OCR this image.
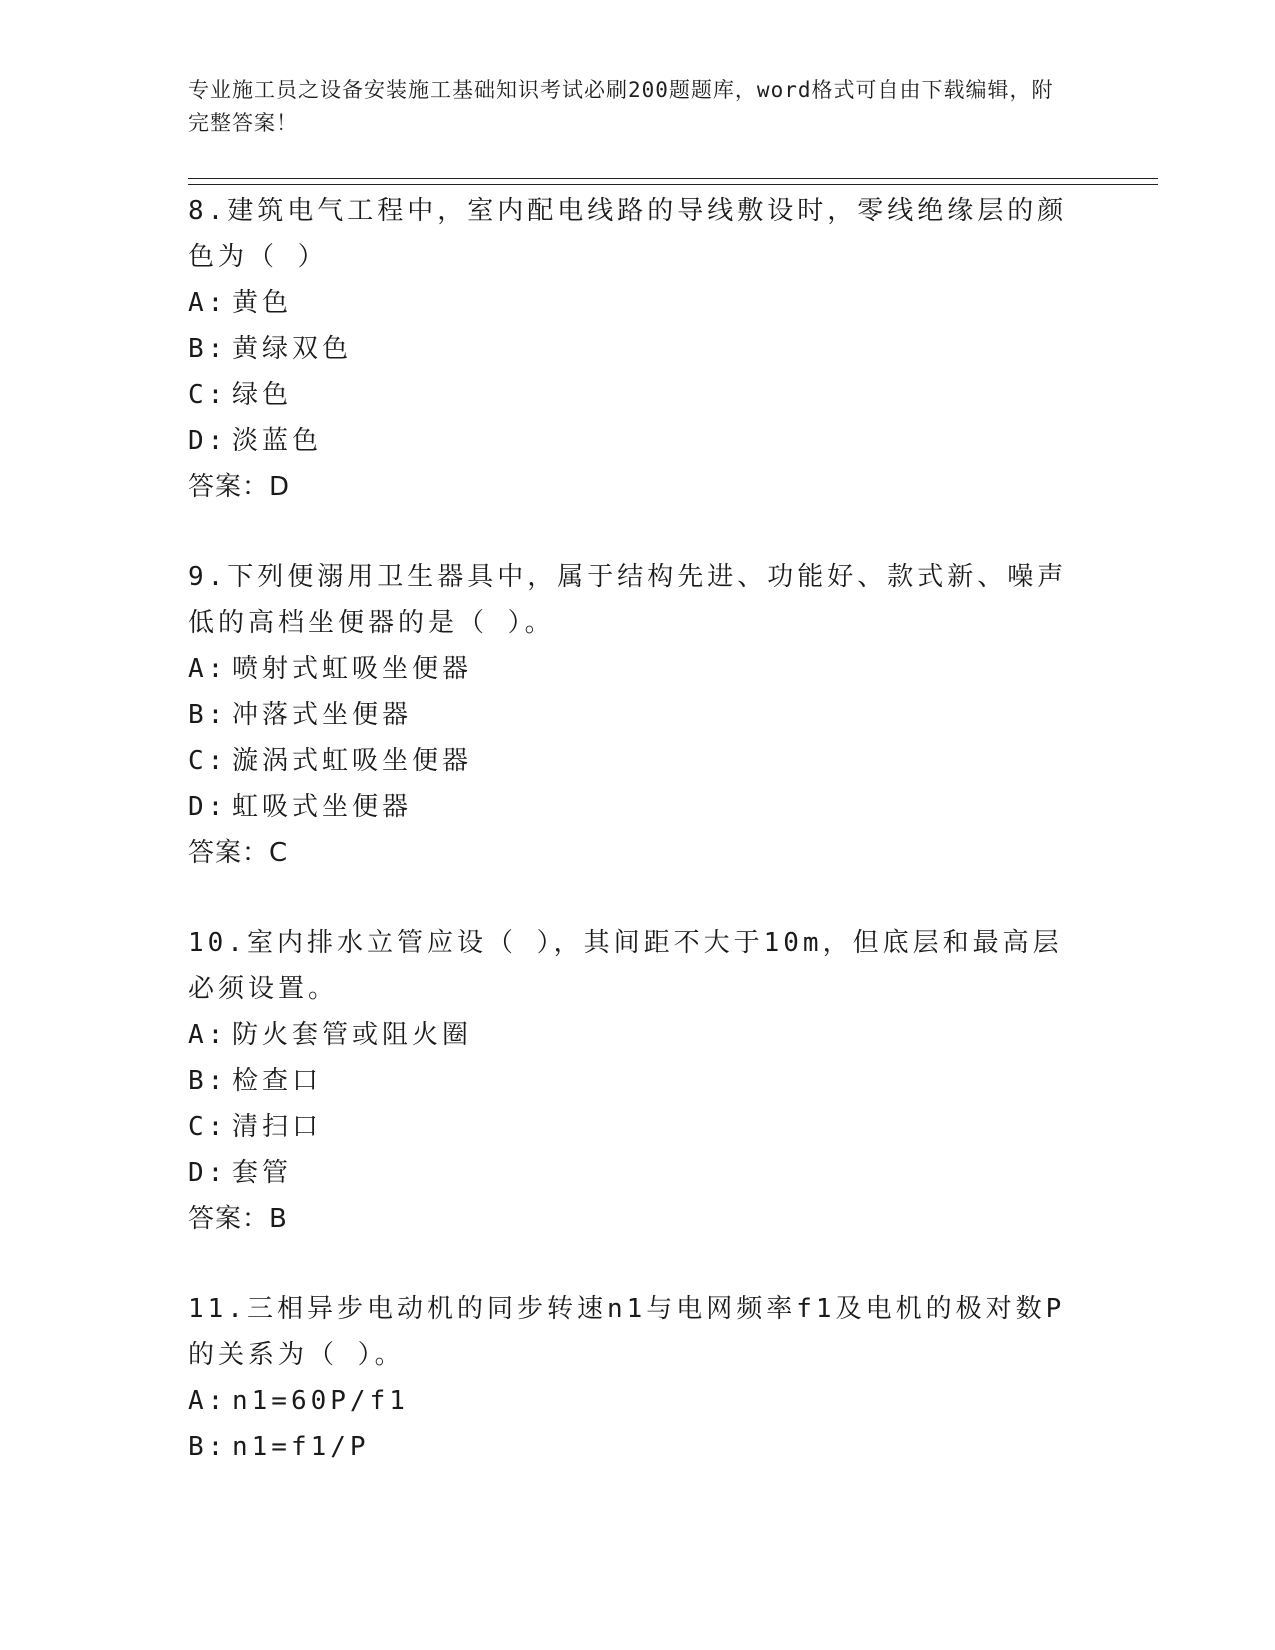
专业施工员之设备安装施工基础知识考试必刷200题题库，word格式可自由下载编辑，附完整答案！

8.建筑电气工程中，室内配电线路的导线敷设时，零线绝缘层的颜色为（ ）

A: 黄色

B: 黄绿双色

C: 绿色

D: 淡蓝色

答案：D

9.下列便溺用卫生器具中，属于结构先进、功能好、款式新、噪声低的高档坐便器的是（ ）。

A: 喷射式虹吸坐便器

B: 冲落式坐便器

C: 漩涡式虹吸坐便器

D: 虹吸式坐便器

答案：C

10.室内排水立管应设（ ），其间距不大于10m，但底层和最高层必须设置。

A: 防火套管或阻火圈

B: 检查口

C: 清扫口

D: 套管

答案：B

11.三相异步电动机的同步转速n1与电网频率f1及电机的极对数P的关系为（ ）。

A: n1=60P/f1

B: n1=f1/P
